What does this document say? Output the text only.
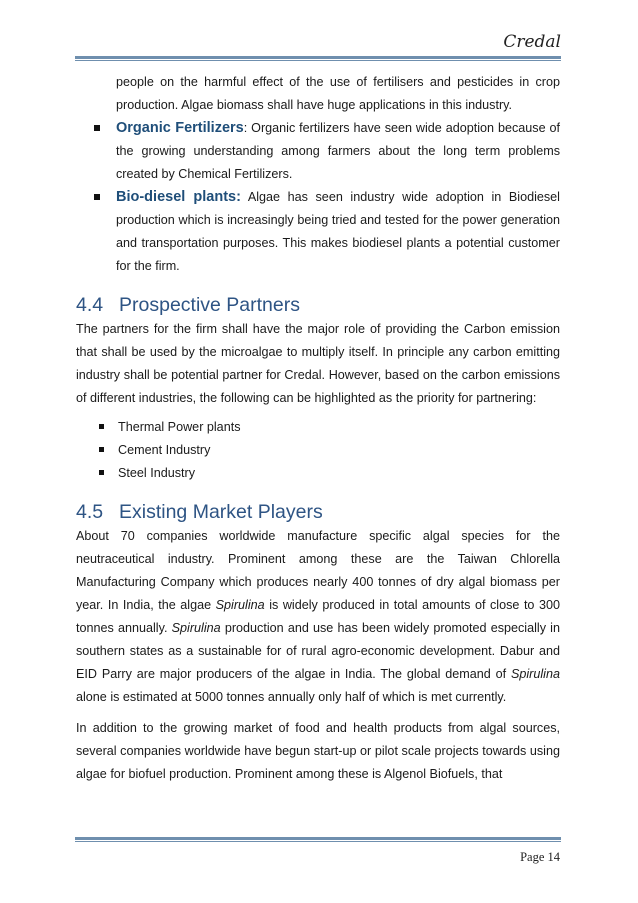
Credal
people on the harmful effect of the use of fertilisers and pesticides in crop production. Algae biomass shall have huge applications in this industry.
Organic Fertilizers: Organic fertilizers have seen wide adoption because of the growing understanding among farmers about the long term problems created by Chemical Fertilizers.
Bio-diesel plants: Algae has seen industry wide adoption in Biodiesel production which is increasingly being tried and tested for the power generation and transportation purposes. This makes biodiesel plants a potential customer for the firm.
4.4 Prospective Partners
The partners for the firm shall have the major role of providing the Carbon emission that shall be used by the microalgae to multiply itself. In principle any carbon emitting industry shall be potential partner for Credal. However, based on the carbon emissions of different industries, the following can be highlighted as the priority for partnering:
Thermal Power plants
Cement Industry
Steel Industry
4.5 Existing Market Players
About 70 companies worldwide manufacture specific algal species for the neutraceutical industry. Prominent among these are the Taiwan Chlorella Manufacturing Company which produces nearly 400 tonnes of dry algal biomass per year. In India, the algae Spirulina is widely produced in total amounts of close to 300 tonnes annually. Spirulina production and use has been widely promoted especially in southern states as a sustainable for of rural agro-economic development. Dabur and EID Parry are major producers of the algae in India. The global demand of Spirulina alone is estimated at 5000 tonnes annually only half of which is met currently.
In addition to the growing market of food and health products from algal sources, several companies worldwide have begun start-up or pilot scale projects towards using algae for biofuel production. Prominent among these is Algenol Biofuels, that
Page 14
